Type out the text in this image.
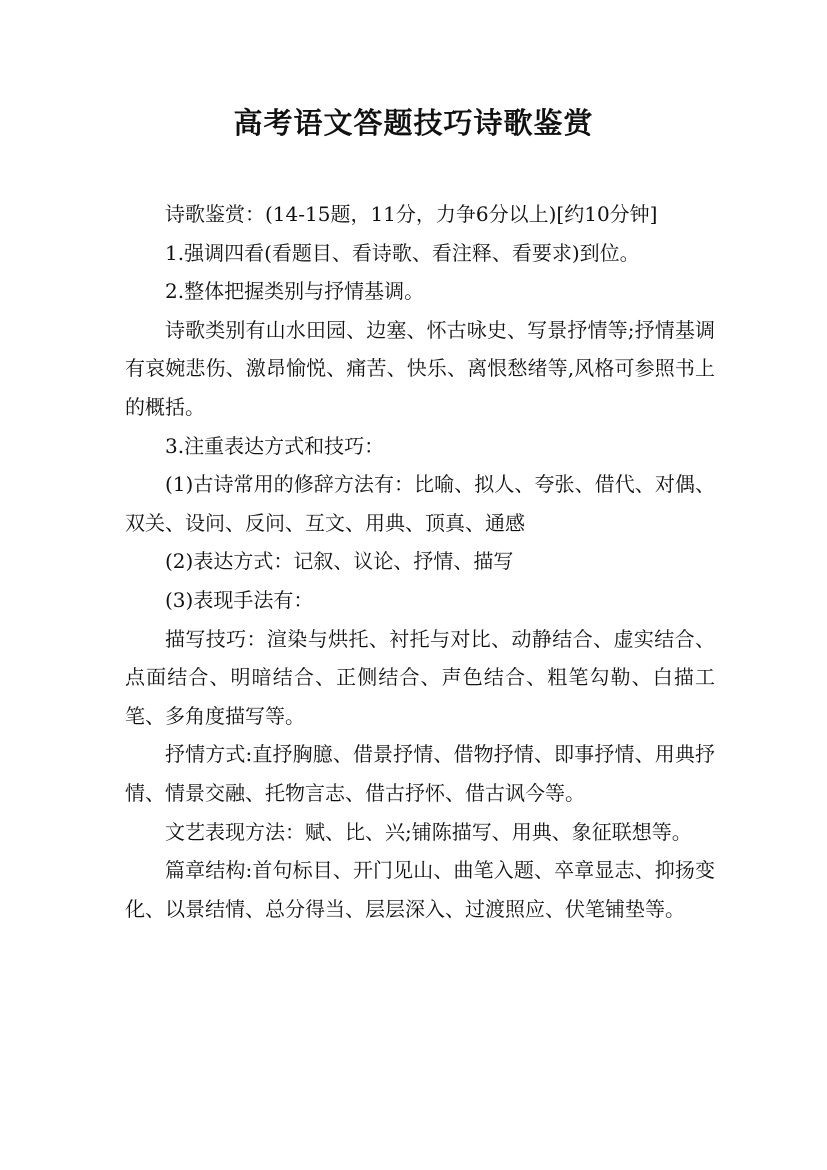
高考语文答题技巧诗歌鉴赏

诗歌鉴赏：(14-15题，11分，力争6分以上)[约10分钟]

1.强调四看(看题目、看诗歌、看注释、看要求)到位。

2.整体把握类别与抒情基调。

诗歌类别有山水田园、边塞、怀古咏史、写景抒情等;抒情基调有哀婉悲伤、激昂愉悦、痛苦、快乐、离恨愁绪等,风格可参照书上的概括。

3.注重表达方式和技巧：

(1)古诗常用的修辞方法有：比喻、拟人、夸张、借代、对偶、双关、设问、反问、互文、用典、顶真、通感

(2)表达方式：记叙、议论、抒情、描写

(3)表现手法有：

描写技巧：渲染与烘托、衬托与对比、动静结合、虚实结合、点面结合、明暗结合、正侧结合、声色结合、粗笔勾勒、白描工笔、多角度描写等。

抒情方式:直抒胸臆、借景抒情、借物抒情、即事抒情、用典抒情、情景交融、托物言志、借古抒怀、借古讽今等。

文艺表现方法：赋、比、兴;铺陈描写、用典、象征联想等。

篇章结构:首句标目、开门见山、曲笔入题、卒章显志、抑扬变化、以景结情、总分得当、层层深入、过渡照应、伏笔铺垫等。
